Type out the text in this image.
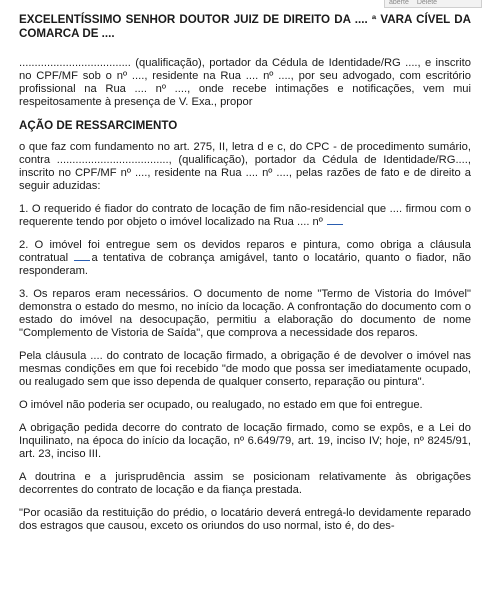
aberte Delete

EXCELENTÍSSIMO SENHOR DOUTOR JUIZ DE DIREITO DA .... ª VARA CÍVEL DA COMARCA DE ....

.................................... (qualificação), portador da Cédula de Identidade/RG ...., e inscrito no CPF/MF sob o nº ...., residente na Rua .... nº ...., por seu advogado, com escritório profissional na Rua .... nº ...., onde recebe intimações e notificações, vem mui respeitosamente à presença de V. Exa., propor

AÇÃO DE RESSARCIMENTO

o que faz com fundamento no art. 275, II, letra d e c, do CPC - de procedimento sumário, contra ...................................., (qualificação), portador da Cédula de Identidade/RG...., inscrito no CPF/MF nº ...., residente na Rua .... nº ...., pelas razões de fato e de direito a seguir aduzidas:

1. O requerido é fiador do contrato de locação de fim não-residencial que .... firmou com o requerente tendo por objeto o imóvel localizado na Rua .... nº

2. O imóvel foi entregue sem os devidos reparos e pintura, como obriga a cláusula contratual a tentativa de cobrança amigável, tanto o locatário, quanto o fiador, não responderam.

3. Os reparos eram necessários. O documento de nome "Termo de Vistoria do Imóvel" demonstra o estado do mesmo, no início da locação. A confrontação do documento com o estado do imóvel na desocupação, permitiu a elaboração do documento de nome "Complemento de Vistoria de Saída", que comprova a necessidade dos reparos.

Pela cláusula .... do contrato de locação firmado, a obrigação é de devolver o imóvel nas mesmas condições em que foi recebido "de modo que possa ser imediatamente ocupado, ou realugado sem que isso dependa de qualquer conserto, reparação ou pintura".

O imóvel não poderia ser ocupado, ou realugado, no estado em que foi entregue.

A obrigação pedida decorre do contrato de locação firmado, como se expôs, e a Lei do Inquilinato, na época do início da locação, nº 6.649/79, art. 19, inciso IV; hoje, nº 8245/91, art. 23, inciso III.

A doutrina e a jurisprudência assim se posicionam relativamente às obrigações decorrentes do contrato de locação e da fiança prestada.

"Por ocasião da restituição do prédio, o locatário deverá entregá-lo devidamente reparado dos estragos que causou, exceto os oriundos do uso normal, isto é, do des-
